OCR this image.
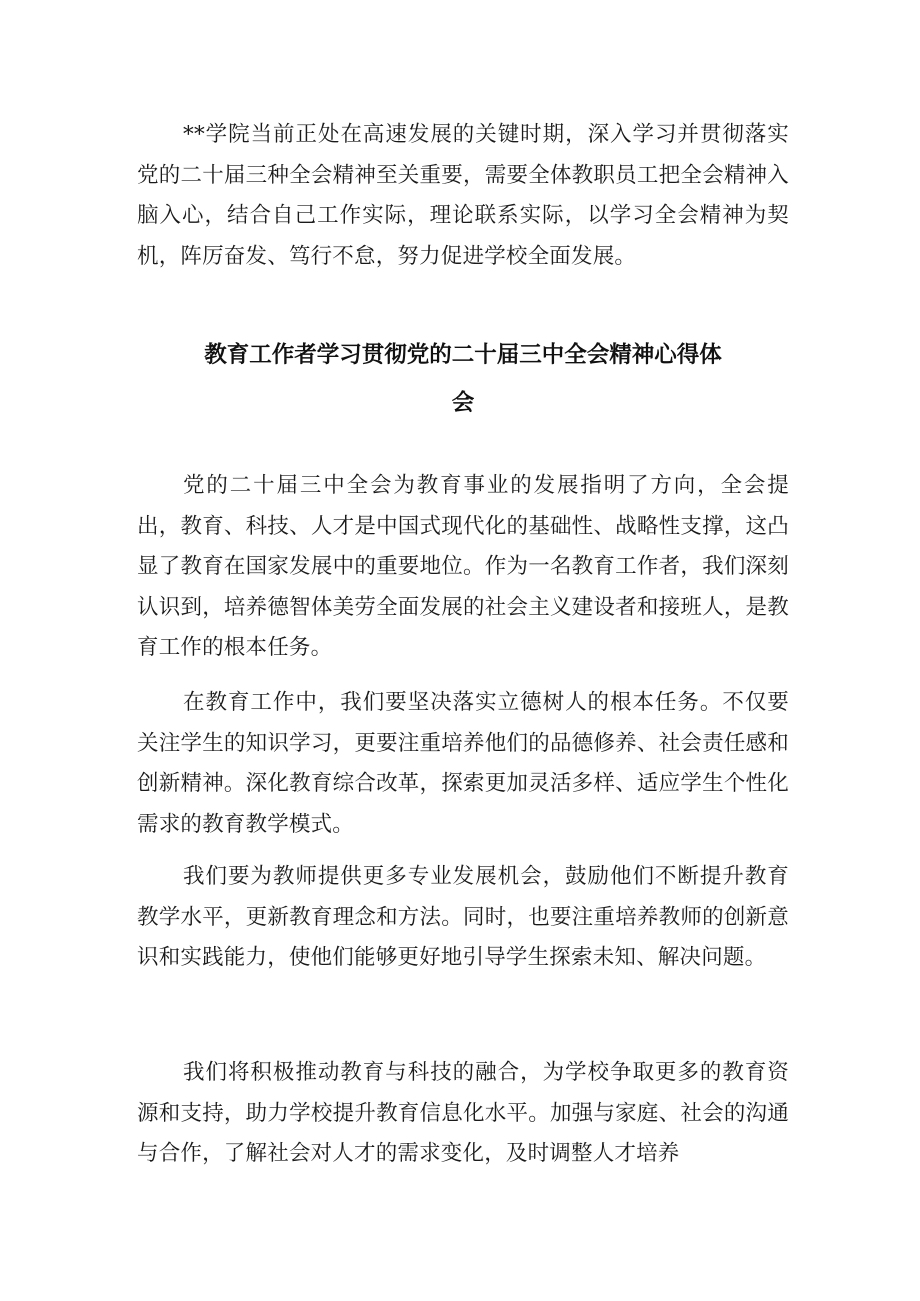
**学院当前正处在高速发展的关键时期，深入学习并贯彻落实党的二十届三种全会精神至关重要，需要全体教职员工把全会精神入脑入心，结合自己工作实际，理论联系实际，以学习全会精神为契机，阵厉奋发、笃行不怠，努力促进学校全面发展。

教育工作者学习贯彻党的二十届三中全会精神心得体
会

党的二十届三中全会为教育事业的发展指明了方向，全会提出，教育、科技、人才是中国式现代化的基础性、战略性支撑，这凸显了教育在国家发展中的重要地位。作为一名教育工作者，我们深刻认识到，培养德智体美劳全面发展的社会主义建设者和接班人，是教育工作的根本任务。

在教育工作中，我们要坚决落实立德树人的根本任务。不仅要关注学生的知识学习，更要注重培养他们的品德修养、社会责任感和创新精神。深化教育综合改革，探索更加灵活多样、适应学生个性化需求的教育教学模式。

我们要为教师提供更多专业发展机会，鼓励他们不断提升教育教学水平，更新教育理念和方法。同时，也要注重培养教师的创新意识和实践能力，使他们能够更好地引导学生探索未知、解决问题。

我们将积极推动教育与科技的融合，为学校争取更多的教育资源和支持，助力学校提升教育信息化水平。加强与家庭、社会的沟通与合作，了解社会对人才的需求变化，及时调整人才培养
